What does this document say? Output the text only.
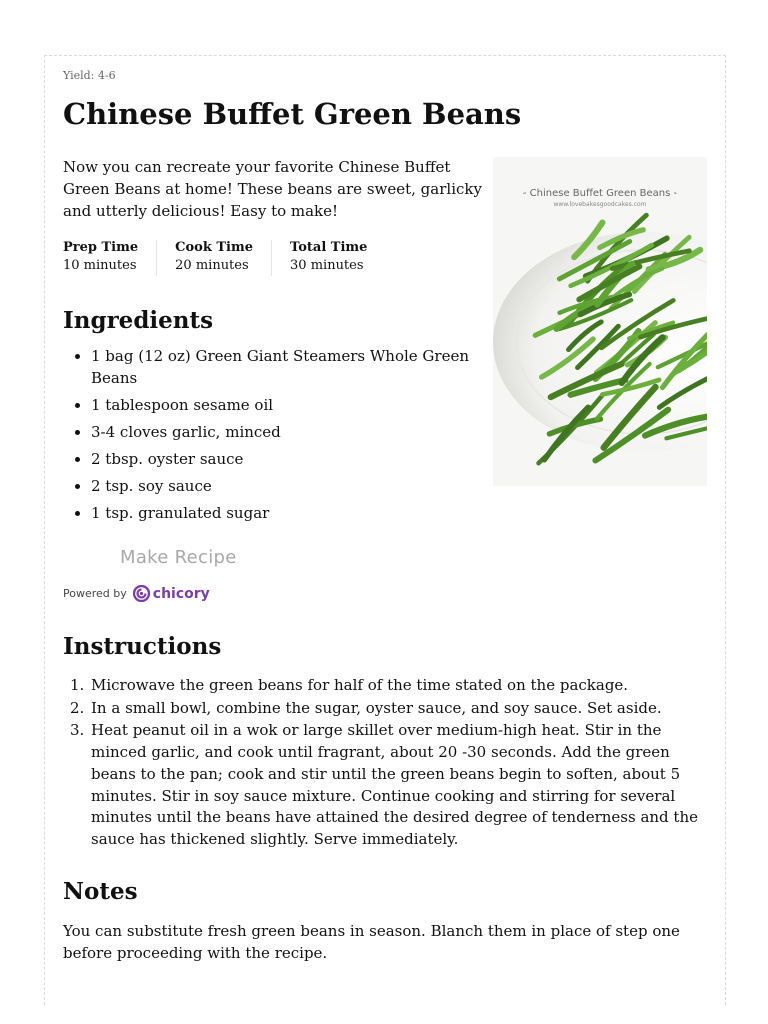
Yield: 4-6
Chinese Buffet Green Beans

Now you can recreate your favorite Chinese Buffet Green Beans at home! These beans are sweet, garlicky and utterly delicious! Easy to make!

Prep Time
10 minutes
Cook Time
20 minutes
Total Time
30 minutes
Ingredients
1 bag (12 oz) Green Giant Steamers Whole Green Beans
1 tablespoon sesame oil
3-4 cloves garlic, minced
2 tbsp. oyster sauce
2 tsp. soy sauce
1 tsp. granulated sugar
Make Recipe
Powered by chicory
Instructions
1. Microwave the green beans for half of the time stated on the package.
2. In a small bowl, combine the sugar, oyster sauce, and soy sauce. Set aside.
3. Heat peanut oil in a wok or large skillet over medium-high heat. Stir in the minced garlic, and cook until fragrant, about 20 -30 seconds. Add the green beans to the pan; cook and stir until the green beans begin to soften, about 5 minutes. Stir in soy sauce mixture. Continue cooking and stirring for several minutes until the beans have attained the desired degree of tenderness and the sauce has thickened slightly. Serve immediately.
Notes

You can substitute fresh green beans in season. Blanch them in place of step one before proceeding with the recipe.

- Chinese Buffet Green Beans -
www.lovebakesgoodcakes.com
